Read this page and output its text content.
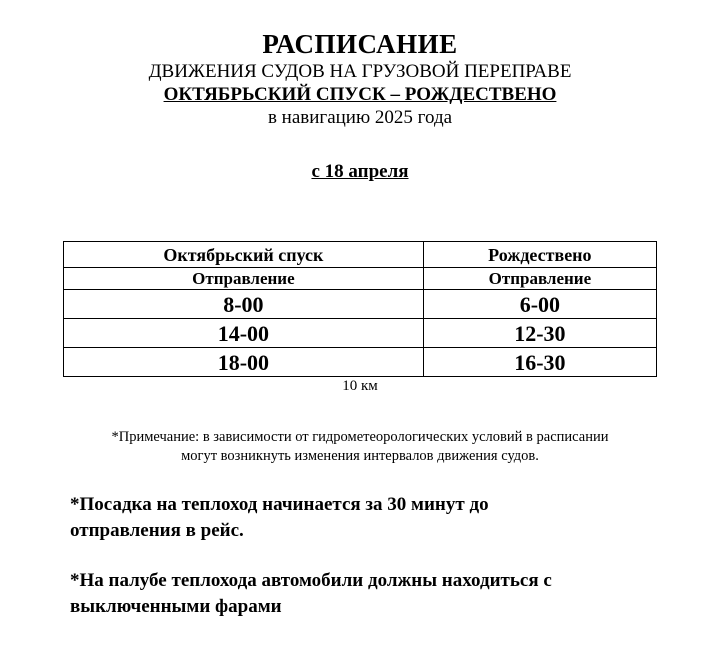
РАСПИСАНИЕ
ДВИЖЕНИЯ СУДОВ НА ГРУЗОВОЙ ПЕРЕПРАВЕ
ОКТЯБРЬСКИЙ СПУСК – РОЖДЕСТВЕНО
в навигацию 2025 года
с 18 апреля
Октябрьский спуск	Рождествено
Отправление	Отправление
8-00	6-00
14-00	12-30
18-00	16-30
10 км
*Примечание: в зависимости от гидрометеорологических условий в расписании
могут возникнуть изменения интервалов движения судов.
*Посадка на теплоход начинается за 30 минут до
отправления в рейс.
*На палубе теплохода автомобили должны находиться с
выключенными фарами
